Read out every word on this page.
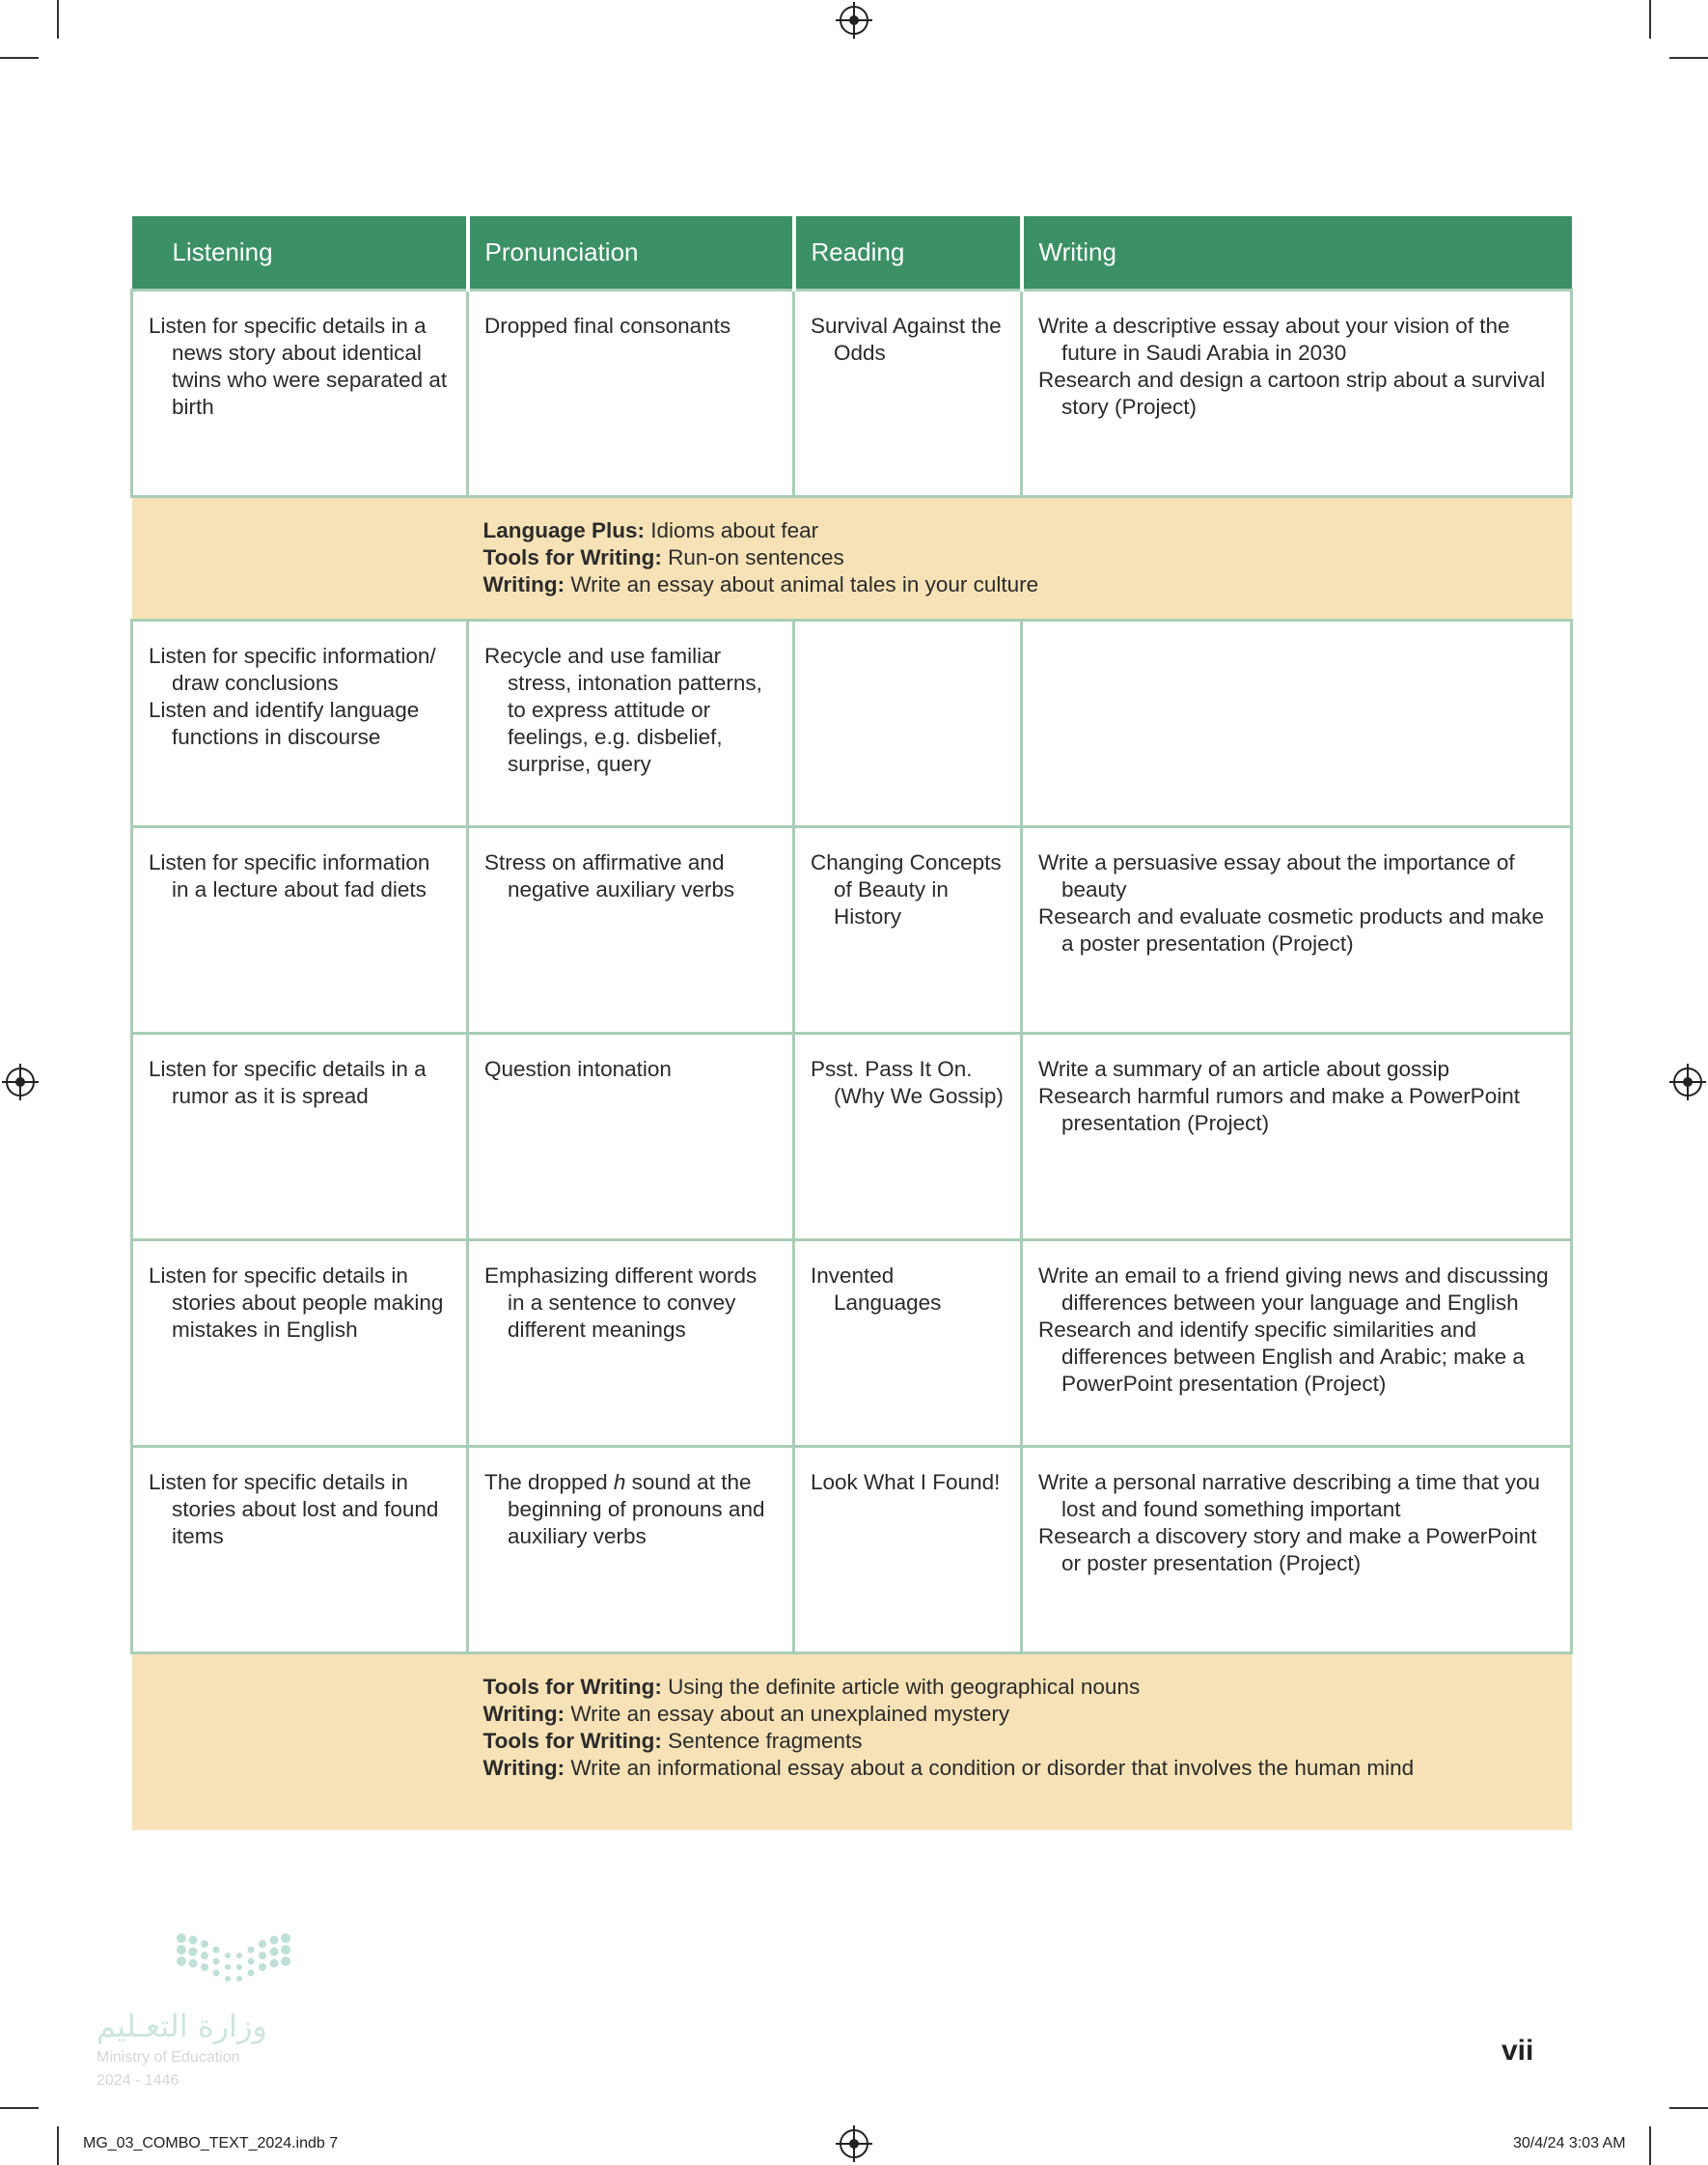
Listening	Pronunciation	Reading	Writing

Listen for specific details in a news story about identical twins who were separated at birth	Dropped final consonants	Survival Against the Odds	Write a descriptive essay about your vision of the future in Saudi Arabia in 2030
Research and design a cartoon strip about a survival story (Project)

	Language Plus: Idioms about fear
Tools for Writing: Run-on sentences
Writing: Write an essay about animal tales in your culture		

Listen for specific information/ draw conclusions
Listen and identify language functions in discourse	Recycle and use familiar stress, intonation patterns, to express attitude or feelings, e.g. disbelief, surprise, query		

Listen for specific information in a lecture about fad diets	Stress on affirmative and negative auxiliary verbs	Changing Concepts of Beauty in History	Write a persuasive essay about the importance of beauty
Research and evaluate cosmetic products and make a poster presentation (Project)

Listen for specific details in a rumor as it is spread	Question intonation	Psst. Pass It On. (Why We Gossip)	Write a summary of an article about gossip
Research harmful rumors and make a PowerPoint presentation (Project)

Listen for specific details in stories about people making mistakes in English	Emphasizing different words in a sentence to convey different meanings	Invented Languages	Write an email to a friend giving news and discussing differences between your language and English
Research and identify specific similarities and differences between English and Arabic; make a PowerPoint presentation (Project)

Listen for specific details in stories about lost and found items	The dropped h sound at the beginning of pronouns and auxiliary verbs	Look What I Found!	Write a personal narrative describing a time that you lost and found something important
Research a discovery story and make a PowerPoint or poster presentation (Project)

	Tools for Writing: Using the definite article with geographical nouns
Writing: Write an essay about an unexplained mystery
Tools for Writing: Sentence fragments
Writing: Write an informational essay about a condition or disorder that involves the human mind		
وزارة التعـليم
Ministry of Education
2024 - 1446
vii
MG_03_COMBO_TEXT_2024.indb 7	30/4/24 3:03 AM
